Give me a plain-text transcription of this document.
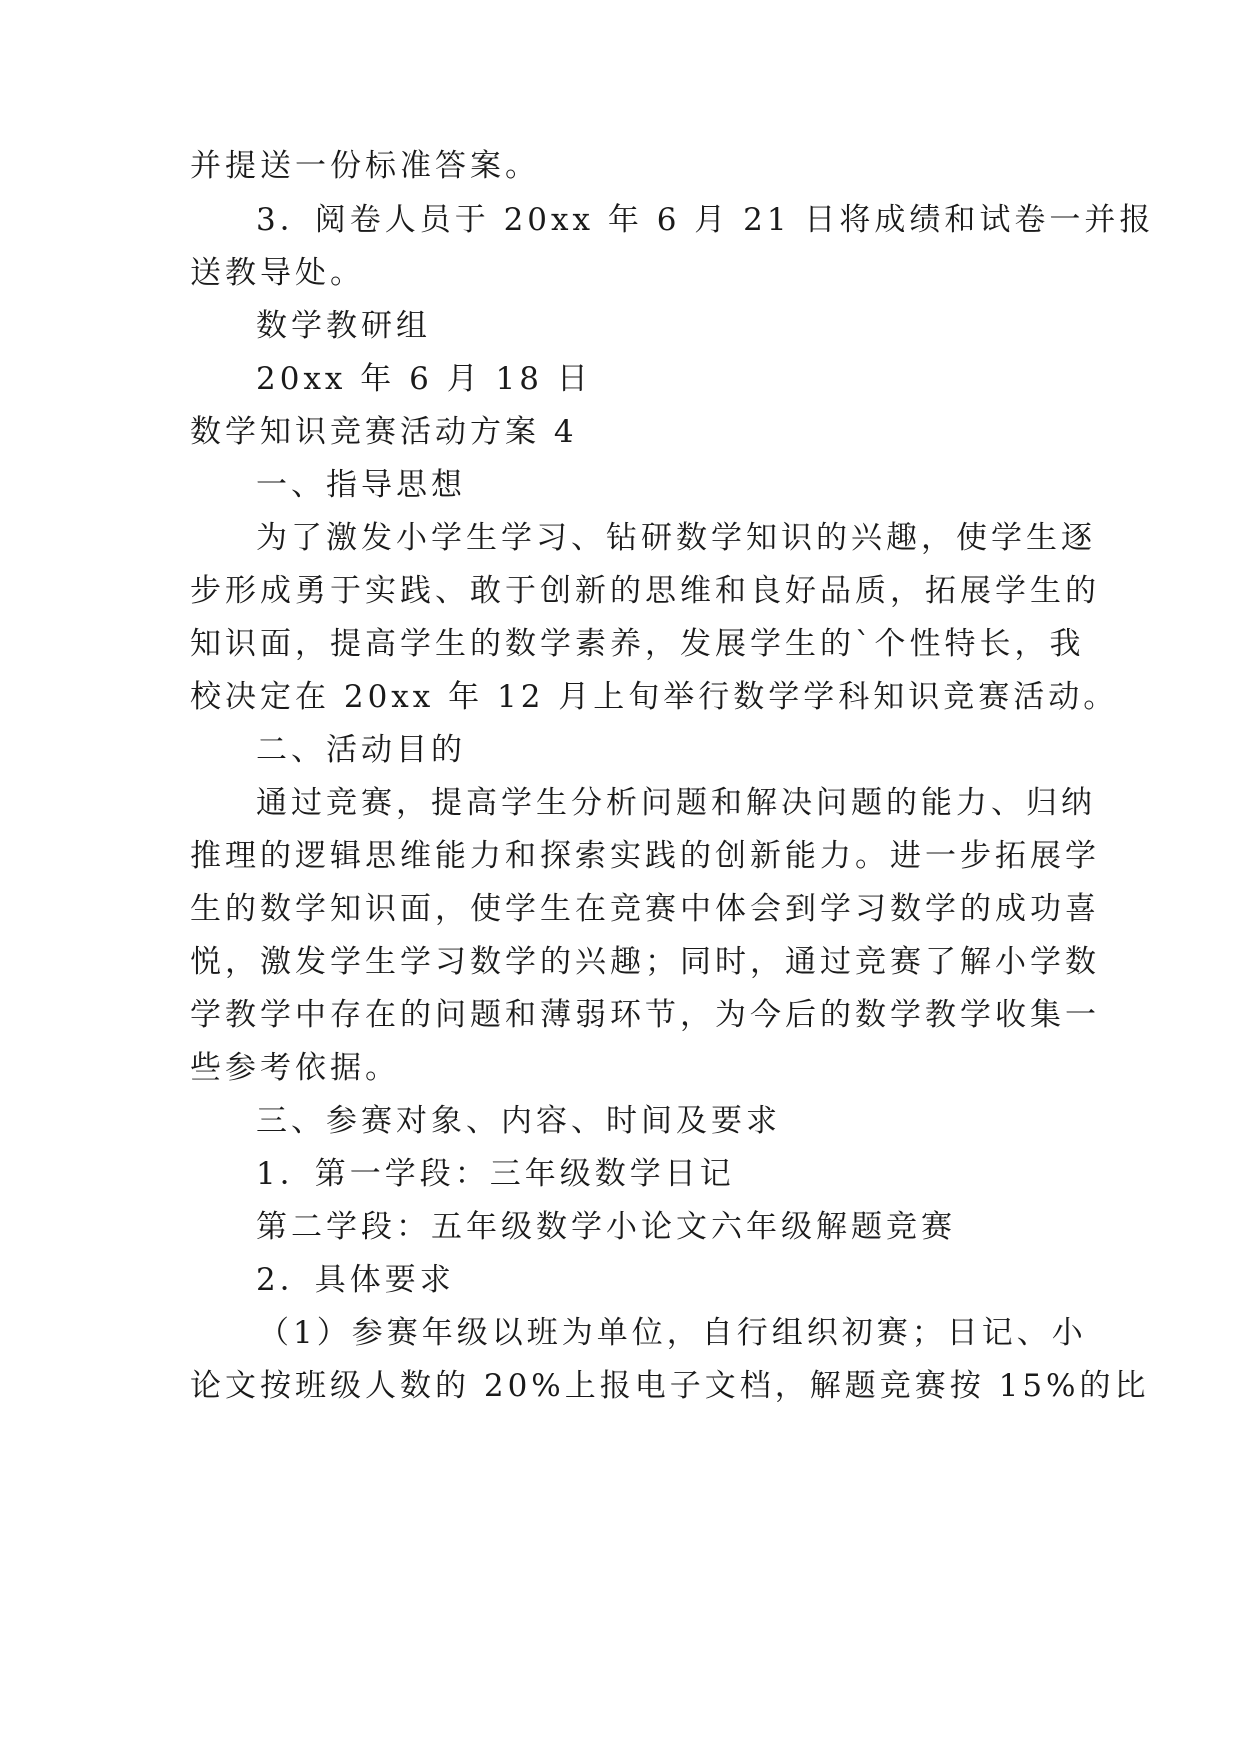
并提送一份标准答案。
3．阅卷人员于 20xx 年 6 月 21 日将成绩和试卷一并报
送教导处。
数学教研组
20xx 年 6 月 18 日
数学知识竞赛活动方案 4
一、指导思想
为了激发小学生学习、钻研数学知识的兴趣，使学生逐
步形成勇于实践、敢于创新的思维和良好品质，拓展学生的
知识面，提高学生的数学素养，发展学生的`个性特长，我
校决定在 20xx 年 12 月上旬举行数学学科知识竞赛活动。
二、活动目的
通过竞赛，提高学生分析问题和解决问题的能力、归纳
推理的逻辑思维能力和探索实践的创新能力。进一步拓展学
生的数学知识面，使学生在竞赛中体会到学习数学的成功喜
悦，激发学生学习数学的兴趣；同时，通过竞赛了解小学数
学教学中存在的问题和薄弱环节，为今后的数学教学收集一
些参考依据。
三、参赛对象、内容、时间及要求
1．第一学段：三年级数学日记
第二学段：五年级数学小论文六年级解题竞赛
2．具体要求
（1）参赛年级以班为单位，自行组织初赛；日记、小
论文按班级人数的 20%上报电子文档，解题竞赛按 15%的比
